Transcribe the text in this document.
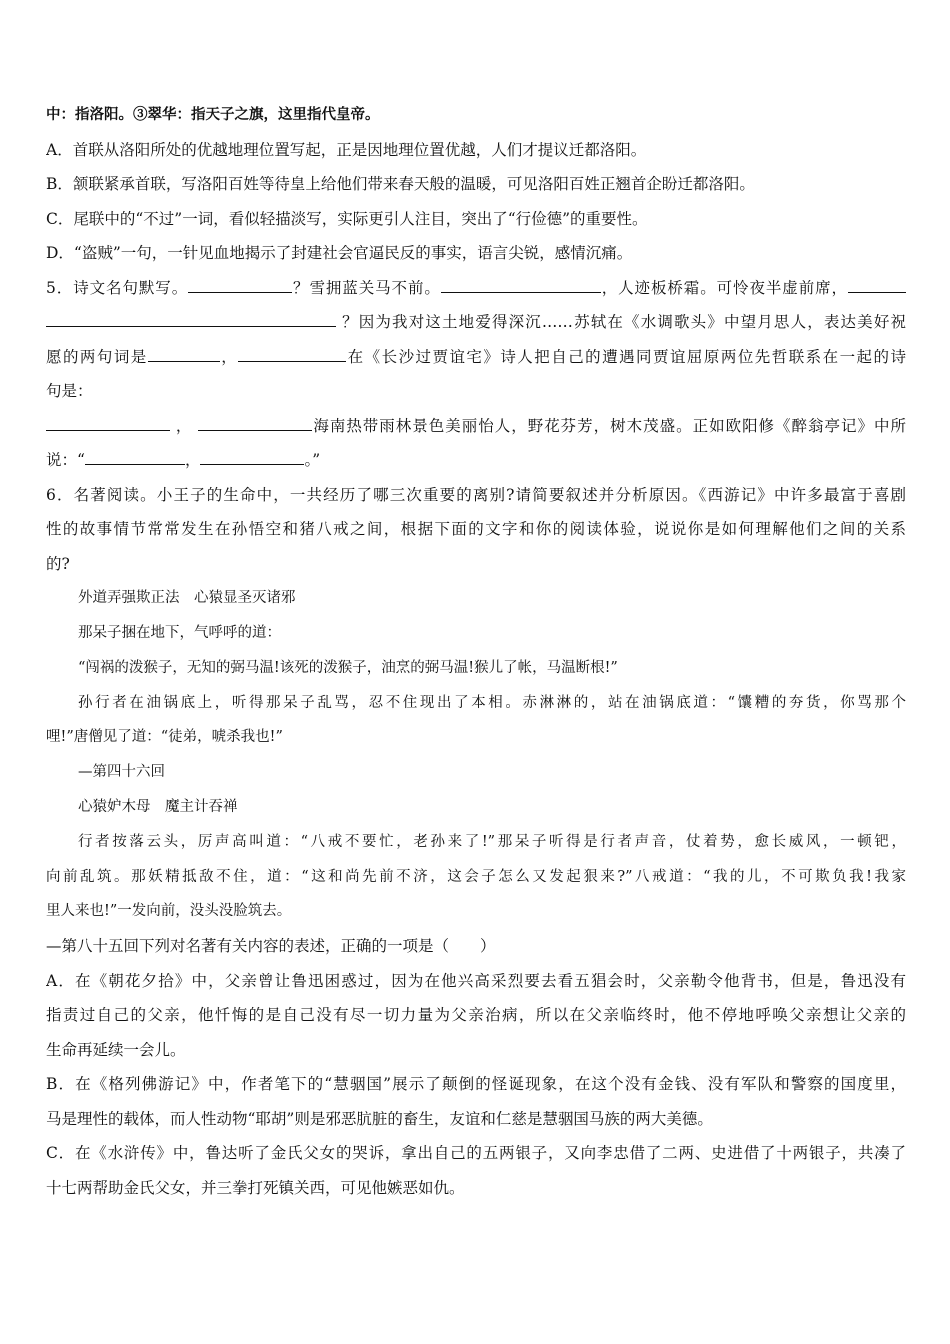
中：指洛阳。③翠华：指天子之旗，这里指代皇帝。
A．首联从洛阳所处的优越地理位置写起，正是因地理位置优越，人们才提议迁都洛阳。
B．颔联紧承首联，写洛阳百姓等待皇上给他们带来春天般的温暖，可见洛阳百姓正翘首企盼迁都洛阳。
C．尾联中的“不过”一词，看似轻描淡写，实际更引人注目，突出了“行俭德”的重要性。
D．“盗贼”一句，一针见血地揭示了封建社会官逼民反的事实，语言尖锐，感情沉痛。
5．诗文名句默写。	？雪拥蓝关马不前。	，人迹板桥霜。可怜夜半虚前席，
？因为我对这土地爱得深沉……苏轼在《水调歌头》中望月思人，表达美好祝
愿的两句词是	，	在《长沙过贾谊宅》诗人把自己的遭遇同贾谊屈原两位先哲联系在一起的诗
句是：
，	海南热带雨林景色美丽怡人，野花芬芳，树木茂盛。正如欧阳修《醉翁亭记》中所
说：“	，	。”
6．名著阅读。小王子的生命中，一共经历了哪三次重要的离别?请简要叙述并分析原因。《西游记》中许多最富于喜剧
性的故事情节常常发生在孙悟空和猪八戒之间，根据下面的文字和你的阅读体验，说说你是如何理解他们之间的关系
的?
外道弄强欺正法　心猿显圣灭诸邪
那呆子捆在地下，气呼呼的道：
“闯祸的泼猴子，无知的弼马温!该死的泼猴子，油烹的弼马温!猴儿了帐，马温断根!”
孙行者在油锅底上，听得那呆子乱骂，忍不住现出了本相。赤淋淋的，站在油锅底道：“馕糟的夯货，你骂那个
哩!”唐僧见了道：“徒弟，唬杀我也!”
—第四十六回
心猿妒木母　魔主计吞禅
行者按落云头，厉声高叫道：“八戒不要忙，老孙来了!”那呆子听得是行者声音，仗着势，愈长威风，一顿钯，
向前乱筑。那妖精抵敌不住，道：“这和尚先前不济，这会子怎么又发起狠来?”八戒道：“我的儿，不可欺负我!我家
里人来也!”一发向前，没头没脸筑去。
—第八十五回下列对名著有关内容的表述，正确的一项是（　　）
A．在《朝花夕拾》中，父亲曾让鲁迅困惑过，因为在他兴高采烈要去看五猖会时，父亲勒令他背书，但是，鲁迅没有
指责过自己的父亲，他忏悔的是自己没有尽一切力量为父亲治病，所以在父亲临终时，他不停地呼唤父亲想让父亲的
生命再延续一会儿。
B．在《格列佛游记》中，作者笔下的“慧骃国”展示了颠倒的怪诞现象，在这个没有金钱、没有军队和警察的国度里，
马是理性的载体，而人性动物“耶胡”则是邪恶肮脏的畜生，友谊和仁慈是慧骃国马族的两大美德。
C．在《水浒传》中，鲁达听了金氏父女的哭诉，拿出自己的五两银子，又向李忠借了二两、史进借了十两银子，共凑了
十七两帮助金氏父女，并三拳打死镇关西，可见他嫉恶如仇。
